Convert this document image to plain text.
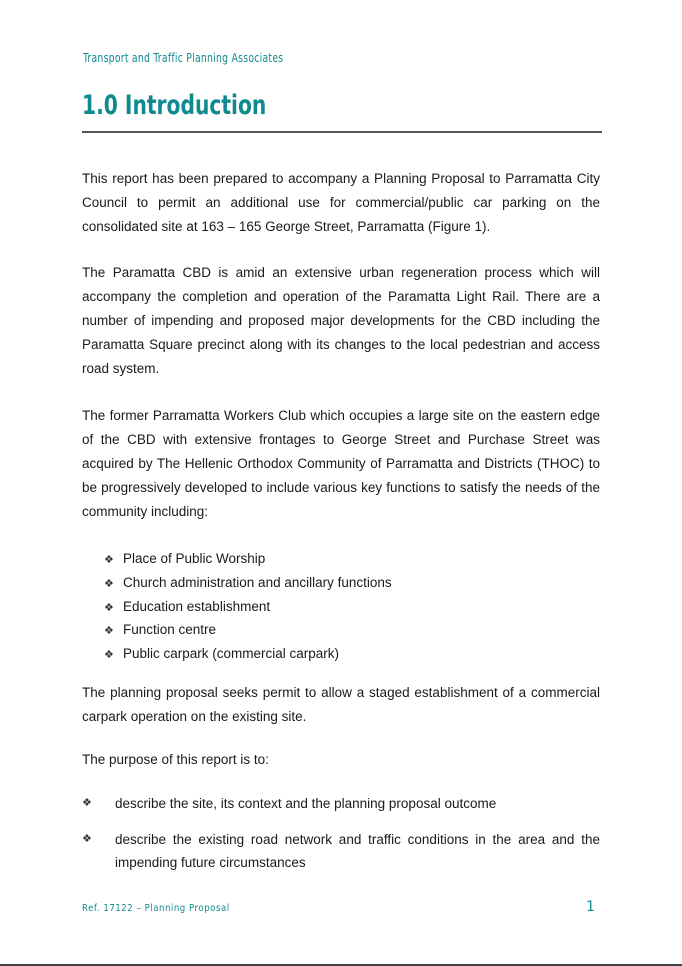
Transport and Traffic Planning Associates
1.0 Introduction

This report has been prepared to accompany a Planning Proposal to Parramatta City Council to permit an additional use for commercial/public car parking on the consolidated site at 163 – 165 George Street, Parramatta (Figure 1).

The Paramatta CBD is amid an extensive urban regeneration process which will accompany the completion and operation of the Paramatta Light Rail. There are a number of impending and proposed major developments for the CBD including the Paramatta Square precinct along with its changes to the local pedestrian and access road system.

The former Parramatta Workers Club which occupies a large site on the eastern edge of the CBD with extensive frontages to George Street and Purchase Street was acquired by The Hellenic Orthodox Community of Parramatta and Districts (THOC) to be progressively developed to include various key functions to satisfy the needs of the community including:

❖ Place of Public Worship
❖ Church administration and ancillary functions
❖ Education establishment
❖ Function centre
❖ Public carpark (commercial carpark)

The planning proposal seeks permit to allow a staged establishment of a commercial carpark operation on the existing site.

The purpose of this report is to:

❖	describe the site, its context and the planning proposal outcome
❖	describe the existing road network and traffic conditions in the area and the impending future circumstances
Ref. 17122 – Planning Proposal	1
